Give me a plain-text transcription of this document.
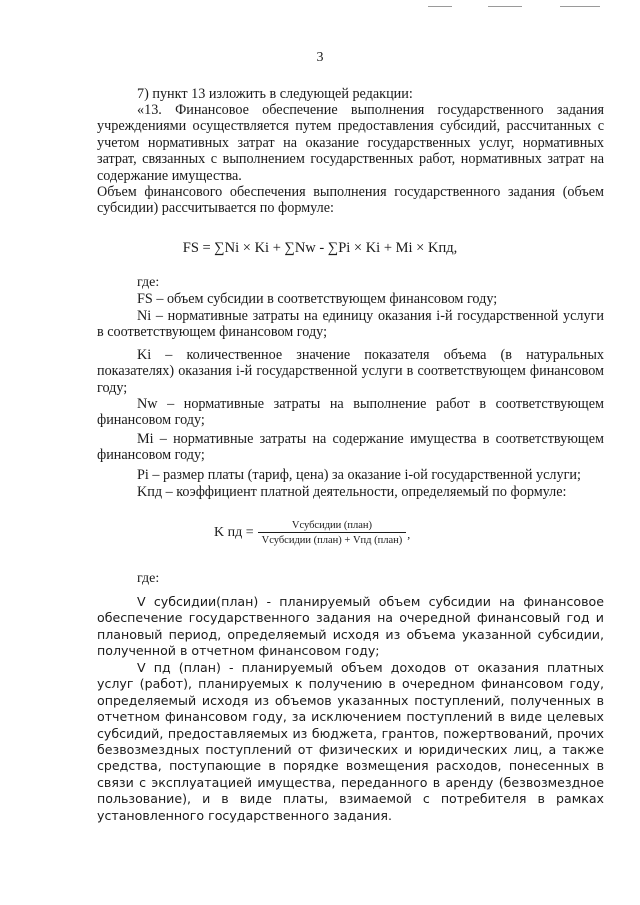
3

7) пункт 13 изложить в следующей редакции:

«13. Финансовое обеспечение выполнения государственного задания учреждениями осуществляется путем предоставления субсидий, рассчитанных с учетом нормативных затрат на оказание государственных услуг, нормативных затрат, связанных с выполнением государственных работ, нормативных затрат на содержание имущества.

Объем финансового обеспечения выполнения государственного задания (объем субсидии) рассчитывается по формуле:

FS = ∑Ni × Ki + ∑Nw - ∑Pi × Ki + Mi × Kпд,
где:

FS – объем субсидии в соответствующем финансовом году;

Ni – нормативные затраты на единицу оказания i-й государственной услуги в соответствующем финансовом году;

Ki – количественное значение показателя объема (в натуральных показателях) оказания i-й государственной услуги в соответствующем финансовом году;

Nw – нормативные затраты на выполнение работ в соответствующем финансовом году;

Mi – нормативные затраты на содержание имущества в соответствующем финансовом году;

Pi – размер платы (тариф, цена) за оказание i-ой государственной услуги;

Kпд – коэффициент платной деятельности, определяемый по формуле:

K пд = $\frac{\text{Vсубсидии (план)}}{\text{Vсубсидии (план) + Vпд (план)}}$ ,
где:

V субсидии(план) - планируемый объем субсидии на финансовое обеспечение государственного задания на очередной финансовый год и плановый период, определяемый исходя из объема указанной субсидии, полученной в отчетном финансовом году;

V пд (план) - планируемый объем доходов от оказания платных услуг (работ), планируемых к получению в очередном финансовом году, определяемый исходя из объемов указанных поступлений, полученных в отчетном финансовом году, за исключением поступлений в виде целевых субсидий, предоставляемых из бюджета, грантов, пожертвований, прочих безвозмездных поступлений от физических и юридических лиц, а также средства, поступающие в порядке возмещения расходов, понесенных в связи с эксплуатацией имущества, переданного в аренду (безвозмездное пользование), и в виде платы, взимаемой с потребителя в рамках установленного государственного задания.
